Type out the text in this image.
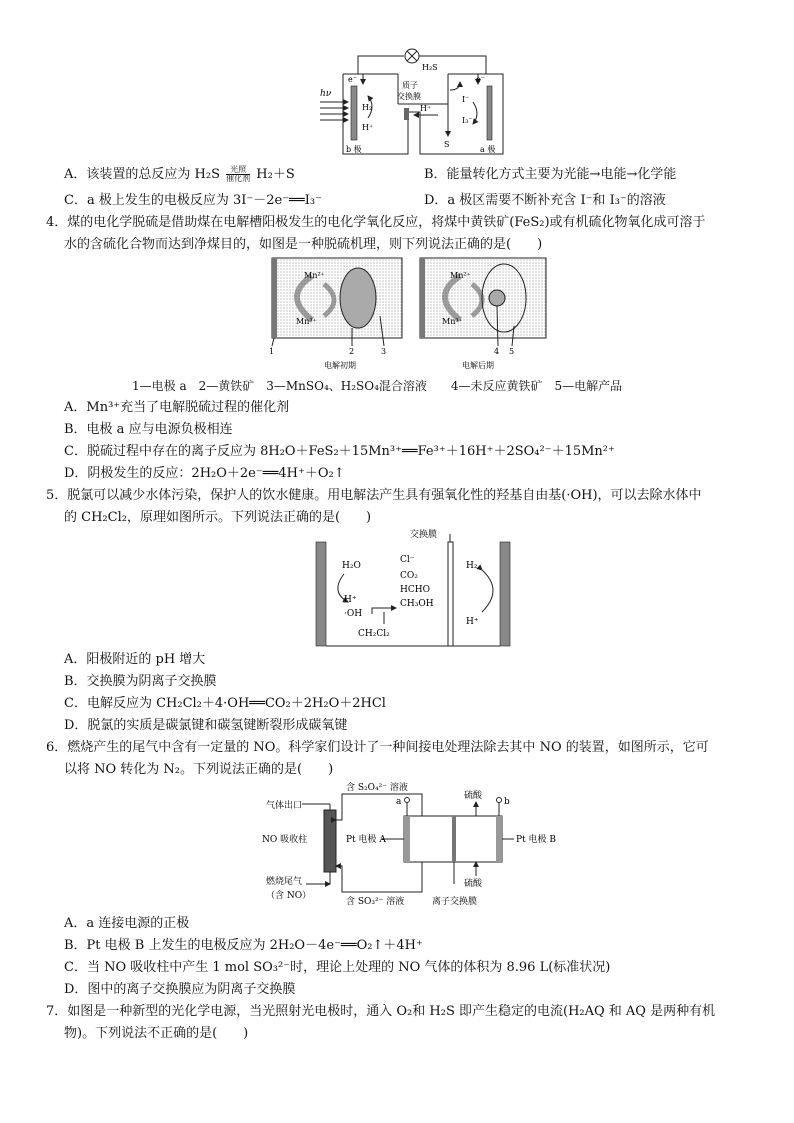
hν
e⁻	e⁻
H₂
H⁺
H₂S
质子
交换膜
H⁺
S
I⁻
I₃⁻
b 极	a 极
A．该装置的总反应为 H₂S 光照

催化剂 H₂＋S	B．能量转化方式主要为光能→电能→化学能
C．a 极上发生的电极反应为 3I⁻－2e⁻══I₃⁻	D．a 极区需要不断补充含 I⁻和 I₃⁻的溶液
4．煤的电化学脱硫是借助煤在电解槽阳极发生的电化学氧化反应，将煤中黄铁矿(FeS₂)或有机硫化物氧化成可溶于
水的含硫化合物而达到净煤目的，如图是一种脱硫机理，则下列说法正确的是(　　)
Mn²⁺
Mn³⁺
Mn²⁺
Mn³⁺
1	2	3	4 5
电解初期	电解后期
1—电极 a　2—黄铁矿　3—MnSO₄、H₂SO₄混合溶液　　4—未反应黄铁矿　5—电解产品
A．Mn³⁺充当了电解脱硫过程的催化剂
B．电极 a 应与电源负极相连
C．脱硫过程中存在的离子反应为 8H₂O＋FeS₂＋15Mn³⁺══Fe³⁺＋16H⁺＋2SO₄²⁻＋15Mn²⁺
D．阴极发生的反应：2H₂O＋2e⁻══4H⁺＋O₂↑
5．脱氯可以减少水体污染，保护人的饮水健康。用电解法产生具有强氧化性的羟基自由基(·OH)，可以去除水体中
的 CH₂Cl₂，原理如图所示。下列说法正确的是(　　)
交换膜
H₂O
H⁺
·OH
CH₂Cl₂
Cl⁻
CO₂
HCHO
CH₃OH
H₂
H⁺
A．阳极附近的 pH 增大
B．交换膜为阴离子交换膜
C．电解反应为 CH₂Cl₂＋4·OH══CO₂＋2H₂O＋2HCl
D．脱氯的实质是碳氯键和碳氢键断裂形成碳氧键
6．燃烧产生的尾气中含有一定量的 NO。科学家们设计了一种间接电处理法除去其中 NO 的装置，如图所示，它可
以将 NO 转化为 N₂。下列说法正确的是(　　)
气体出口
含 S₂O₄²⁻ 溶液
a
硫酸
b
NO 吸收柱	Pt 电极 A	Pt 电极 B
燃烧尾气
（含 NO）
含 SO₃²⁻ 溶液
硫酸
离子交换膜
A．a 连接电源的正极
B．Pt 电极 B 上发生的电极反应为 2H₂O－4e⁻══O₂↑＋4H⁺
C．当 NO 吸收柱中产生 1 mol SO₃²⁻时，理论上处理的 NO 气体的体积为 8.96 L(标准状况)
D．图中的离子交换膜应为阴离子交换膜
7．如图是一种新型的光化学电源，当光照射光电极时，通入 O₂和 H₂S 即产生稳定的电流(H₂AQ 和 AQ 是两种有机
物)。下列说法不正确的是(　　)
